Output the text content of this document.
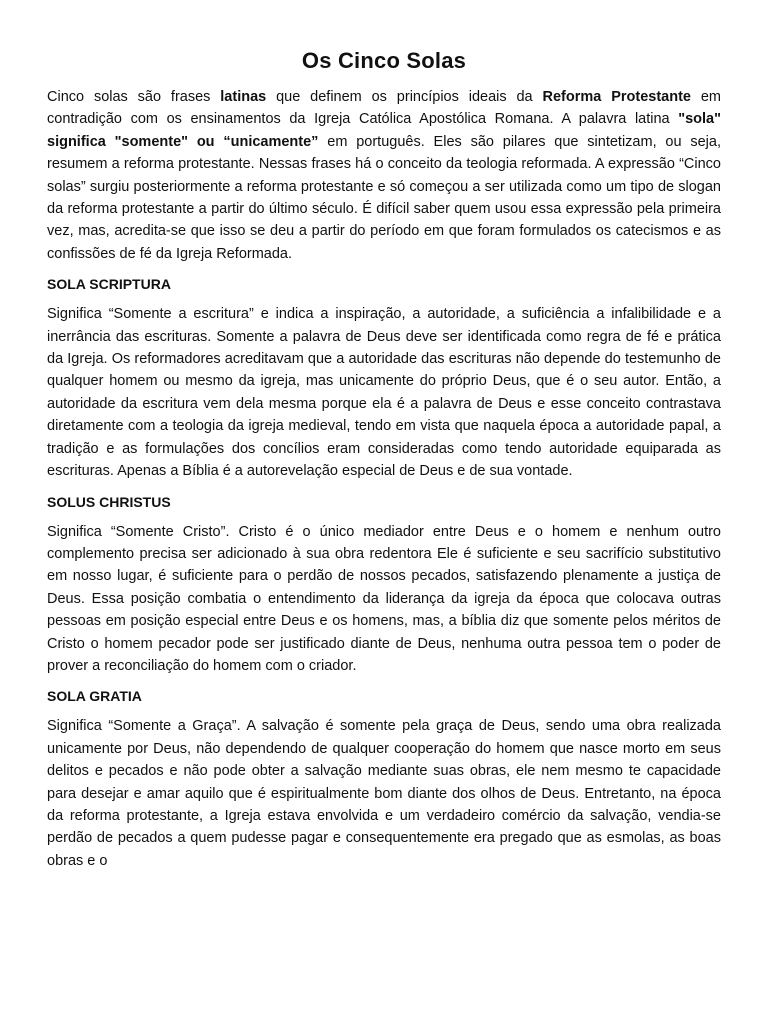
Os Cinco Solas

Cinco solas são frases latinas que definem os princípios ideais da Reforma Protestante em contradição com os ensinamentos da Igreja Católica Apostólica Romana. A palavra latina "sola" significa "somente" ou “unicamente” em português. Eles são pilares que sintetizam, ou seja, resumem a reforma protestante. Nessas frases há o conceito da teologia reformada. A expressão “Cinco solas” surgiu posteriormente a reforma protestante e só começou a ser utilizada como um tipo de slogan da reforma protestante a partir do último século. É difícil saber quem usou essa expressão pela primeira vez, mas, acredita-se que isso se deu a partir do período em que foram formulados os catecismos e as confissões de fé da Igreja Reformada.

SOLA SCRIPTURA

Significa “Somente a escritura” e indica a inspiração, a autoridade, a suficiência a infalibilidade e a inerrância das escrituras. Somente a palavra de Deus deve ser identificada como regra de fé e prática da Igreja. Os reformadores acreditavam que a autoridade das escrituras não depende do testemunho de qualquer homem ou mesmo da igreja, mas unicamente do próprio Deus, que é o seu autor. Então, a autoridade da escritura vem dela mesma porque ela é a palavra de Deus e esse conceito contrastava diretamente com a teologia da igreja medieval, tendo em vista que naquela época a autoridade papal, a tradição e as formulações dos concílios eram consideradas como tendo autoridade equiparada as escrituras. Apenas a Bíblia é a autorevelação especial de Deus e de sua vontade.

SOLUS CHRISTUS

Significa “Somente Cristo”. Cristo é o único mediador entre Deus e o homem e nenhum outro complemento precisa ser adicionado à sua obra redentora Ele é suficiente e seu sacrifício substitutivo em nosso lugar, é suficiente para o perdão de nossos pecados, satisfazendo plenamente a justiça de Deus. Essa posição combatia o entendimento da liderança da igreja da época que colocava outras pessoas em posição especial entre Deus e os homens, mas, a bíblia diz que somente pelos méritos de Cristo o homem pecador pode ser justificado diante de Deus, nenhuma outra pessoa tem o poder de prover a reconciliação do homem com o criador.

SOLA GRATIA

Significa “Somente a Graça”. A salvação é somente pela graça de Deus, sendo uma obra realizada unicamente por Deus, não dependendo de qualquer cooperação do homem que nasce morto em seus delitos e pecados e não pode obter a salvação mediante suas obras, ele nem mesmo te capacidade para desejar e amar aquilo que é espiritualmente bom diante dos olhos de Deus. Entretanto, na época da reforma protestante, a Igreja estava envolvida e um verdadeiro comércio da salvação, vendia-se perdão de pecados a quem pudesse pagar e consequentemente era pregado que as esmolas, as boas obras e o
